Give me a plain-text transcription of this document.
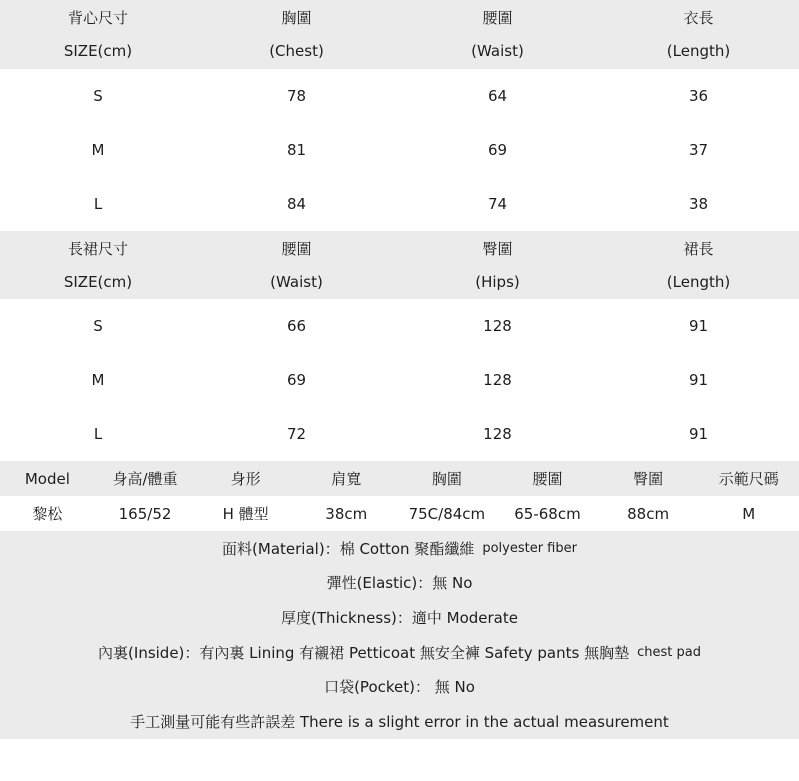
背心尺寸	胸圍	腰圍	衣長
SIZE(cm)	(Chest)	(Waist)	(Length)
S	78	64	36
M	81	69	37
L	84	74	38
長裙尺寸	腰圍	臀圍	裙長
SIZE(cm)	(Waist)	(Hips)	(Length)
S	66	128	91
M	69	128	91
L	72	128	91
Model	身高/體重	身形	肩寬	胸圍	腰圍	臀圍	示範尺碼
黎松	165/52	H 體型	38cm	75C/84cm	65-68cm	88cm	M
面料(Material)： 棉 Cotton 聚酯纖維 polyester fiber
彈性(Elastic)：無 No
厚度(Thickness)：適中 Moderate
內裏(Inside)：有內裏 Lining 有襯裙 Petticoat 無安全褲 Safety pants 無胸墊 chest pad
口袋(Pocket)： 無 No
手工測量可能有些許誤差 There is a slight error in the actual measurement
